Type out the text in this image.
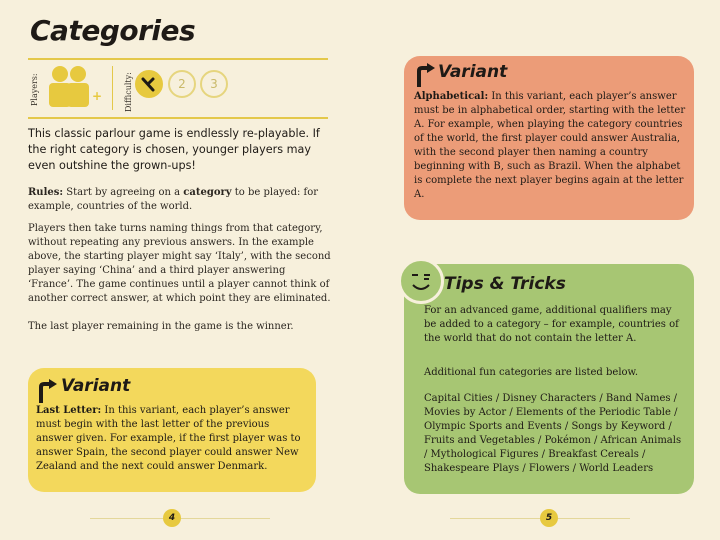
Categories
Players:	+	Difficulty:	2	3
This classic parlour game is endlessly re-playable. If the right category is chosen, younger players may even outshine the grown-ups!
Rules: Start by agreeing on a category to be played: for example, countries of the world.
Players then take turns naming things from that category, without repeating any previous answers. In the example above, the starting player might say ‘Italy’, with the second player saying ‘China’ and a third player answering ‘France’. The game continues until a player cannot think of another correct answer, at which point they are eliminated.
The last player remaining in the game is the winner.
Variant
Last Letter: In this variant, each player’s answer must begin with the last letter of the previous answer given. For example, if the first player was to answer Spain, the second player could answer New Zealand and the next could answer Denmark.
4
Variant
Alphabetical: In this variant, each player’s answer must be in alphabetical order, starting with the letter A. For example, when playing the category countries of the world, the first player could answer Australia, with the second player then naming a country beginning with B, such as Brazil. When the alphabet is complete the next player begins again at the letter A.
Tips & Tricks
For an advanced game, additional qualifiers may be added to a category – for example, countries of the world that do not contain the letter A.
Additional fun categories are listed below.
Capital Cities / Disney Characters / Band Names / Movies by Actor / Elements of the Periodic Table / Olympic Sports and Events / Songs by Keyword / Fruits and Vegetables / Pokémon / African Animals / Mythological Figures / Breakfast Cereals / Shakespeare Plays / Flowers / World Leaders
5
